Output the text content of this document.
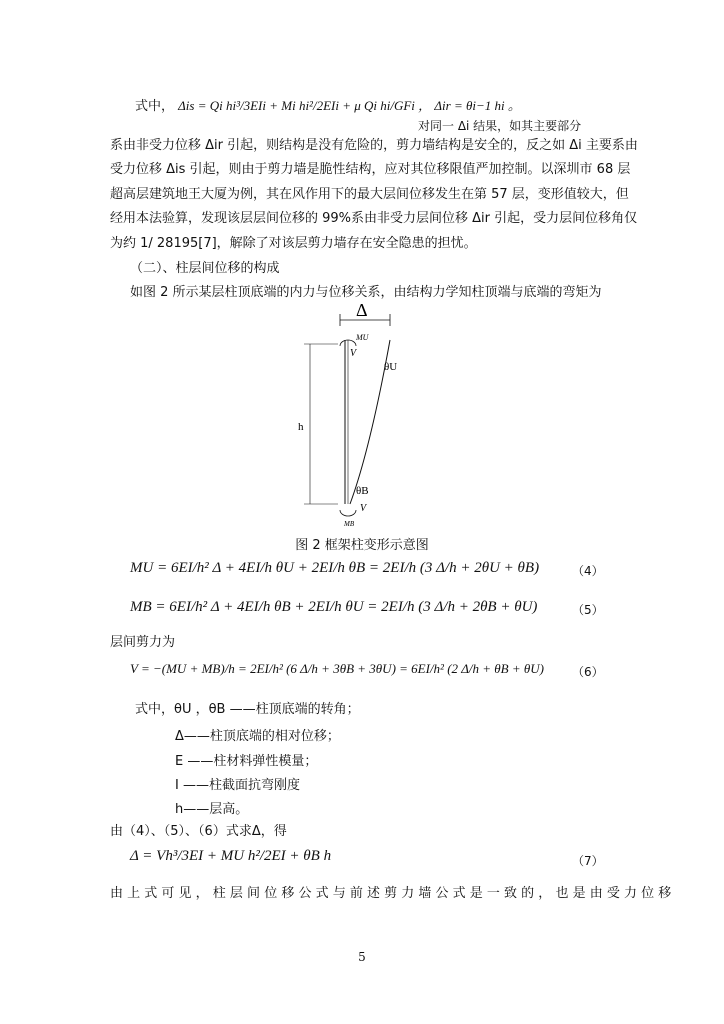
式中， Δis = Qi hi³/3EIi + Mi hi²/2EIi + μ Qi hi/GFi ， Δir = θi−1 hi 。
对同一 Δi 结果，如其主要部分
系由非受力位移 Δir 引起，则结构是没有危险的，剪力墙结构是安全的，反之如 Δi 主要系由
受力位移 Δis 引起，则由于剪力墙是脆性结构，应对其位移限值严加控制。以深圳市 68 层
超高层建筑地王大厦为例，其在风作用下的最大层间位移发生在第 57 层，变形值较大，但
经用本法验算，发现该层层间位移的 99%系由非受力层间位移 Δir 引起，受力层间位移角仅
为约 1/ 28195[7]，解除了对该层剪力墙存在安全隐患的担忧。
（二）、柱层间位移的构成
如图 2 所示某层柱顶底端的内力与位移关系，由结构力学知柱顶端与底端的弯矩为
Δ
MU
V
θU
h
θB
V
MB
图 2 框架柱变形示意图
MU = 6EI/h² Δ + 4EI/h θU + 2EI/h θB = 2EI/h (3 Δ/h + 2θU + θB)	（4）
MB = 6EI/h² Δ + 4EI/h θB + 2EI/h θU = 2EI/h (3 Δ/h + 2θB + θU)	（5）
层间剪力为
V = −(MU + MB)/h = 2EI/h² (6 Δ/h + 3θB + 3θU) = 6EI/h² (2 Δ/h + θB + θU) （6）
式中，θU ，θB ——柱顶底端的转角；
Δ——柱顶底端的相对位移；
E ——柱材料弹性模量；
I ——柱截面抗弯刚度
h——层高。
由（4）、（5）、（6）式求Δ，得
Δ = Vh³/3EI + MU h²/2EI + θB h	（7）
由 上 式 可 见 ， 柱 层 间 位 移 公 式 与 前 述 剪 力 墙 公 式 是 一 致 的 ， 也 是 由 受 力 位 移
5
